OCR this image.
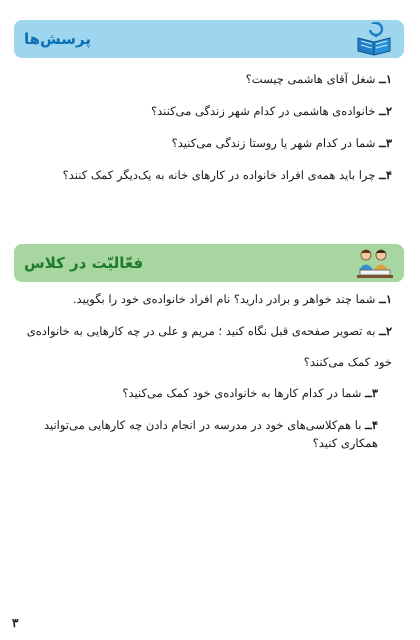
پرسش‌ها
۱ــ شغل آقای هاشمی چیست؟
۲ــ خانواده‌ی هاشمی در کدام شهر زندگی می‌کنند؟
۳ــ شما در کدام شهر یا روستا زندگی می‌کنید؟
۴ــ چرا باید همه‌ی افراد خانواده در کارهای خانه به یک‌دیگر کمک کنند؟
فعّالیّت در کلاس
۱ــ شما چند خواهر و برادر دارید؟ نام افراد خانواده‌ی خود را بگویید.
۲ــ به تصویر صفحه‌ی قبل نگاه کنید ؛ مریم و علی در چه کارهایی به خانواده‌ی خود کمک می‌کنند؟
۳ــ شما در کدام کارها به خانواده‌ی خود کمک می‌کنید؟
۴ــ با هم‌کلاسی‌های خود در مدرسه در انجام دادن چه کارهایی می‌توانید همکاری کنید؟
۳
